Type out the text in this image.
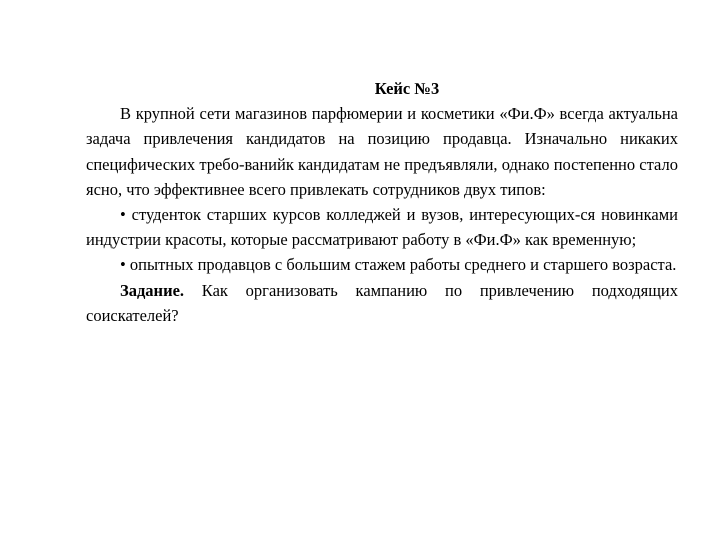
Кейс №3

В крупной сети магазинов парфюмерии и косметики «Фи.Ф» всегда актуальна задача привлечения кандидатов на позицию продавца. Изначально никаких специфических требо-ванийк кандидатам не предъявляли, однако постепенно стало ясно, что эффективнее всего привлекать сотрудников двух типов:

• студенток старших курсов колледжей и вузов, интересующих-ся новинками индустрии красоты, которые рассматривают работу в «Фи.Ф» как временную;

• опытных продавцов с большим стажем работы среднего и старшего возраста.

Задание. Как организовать кампанию по привлечению подходящих соискателей?
